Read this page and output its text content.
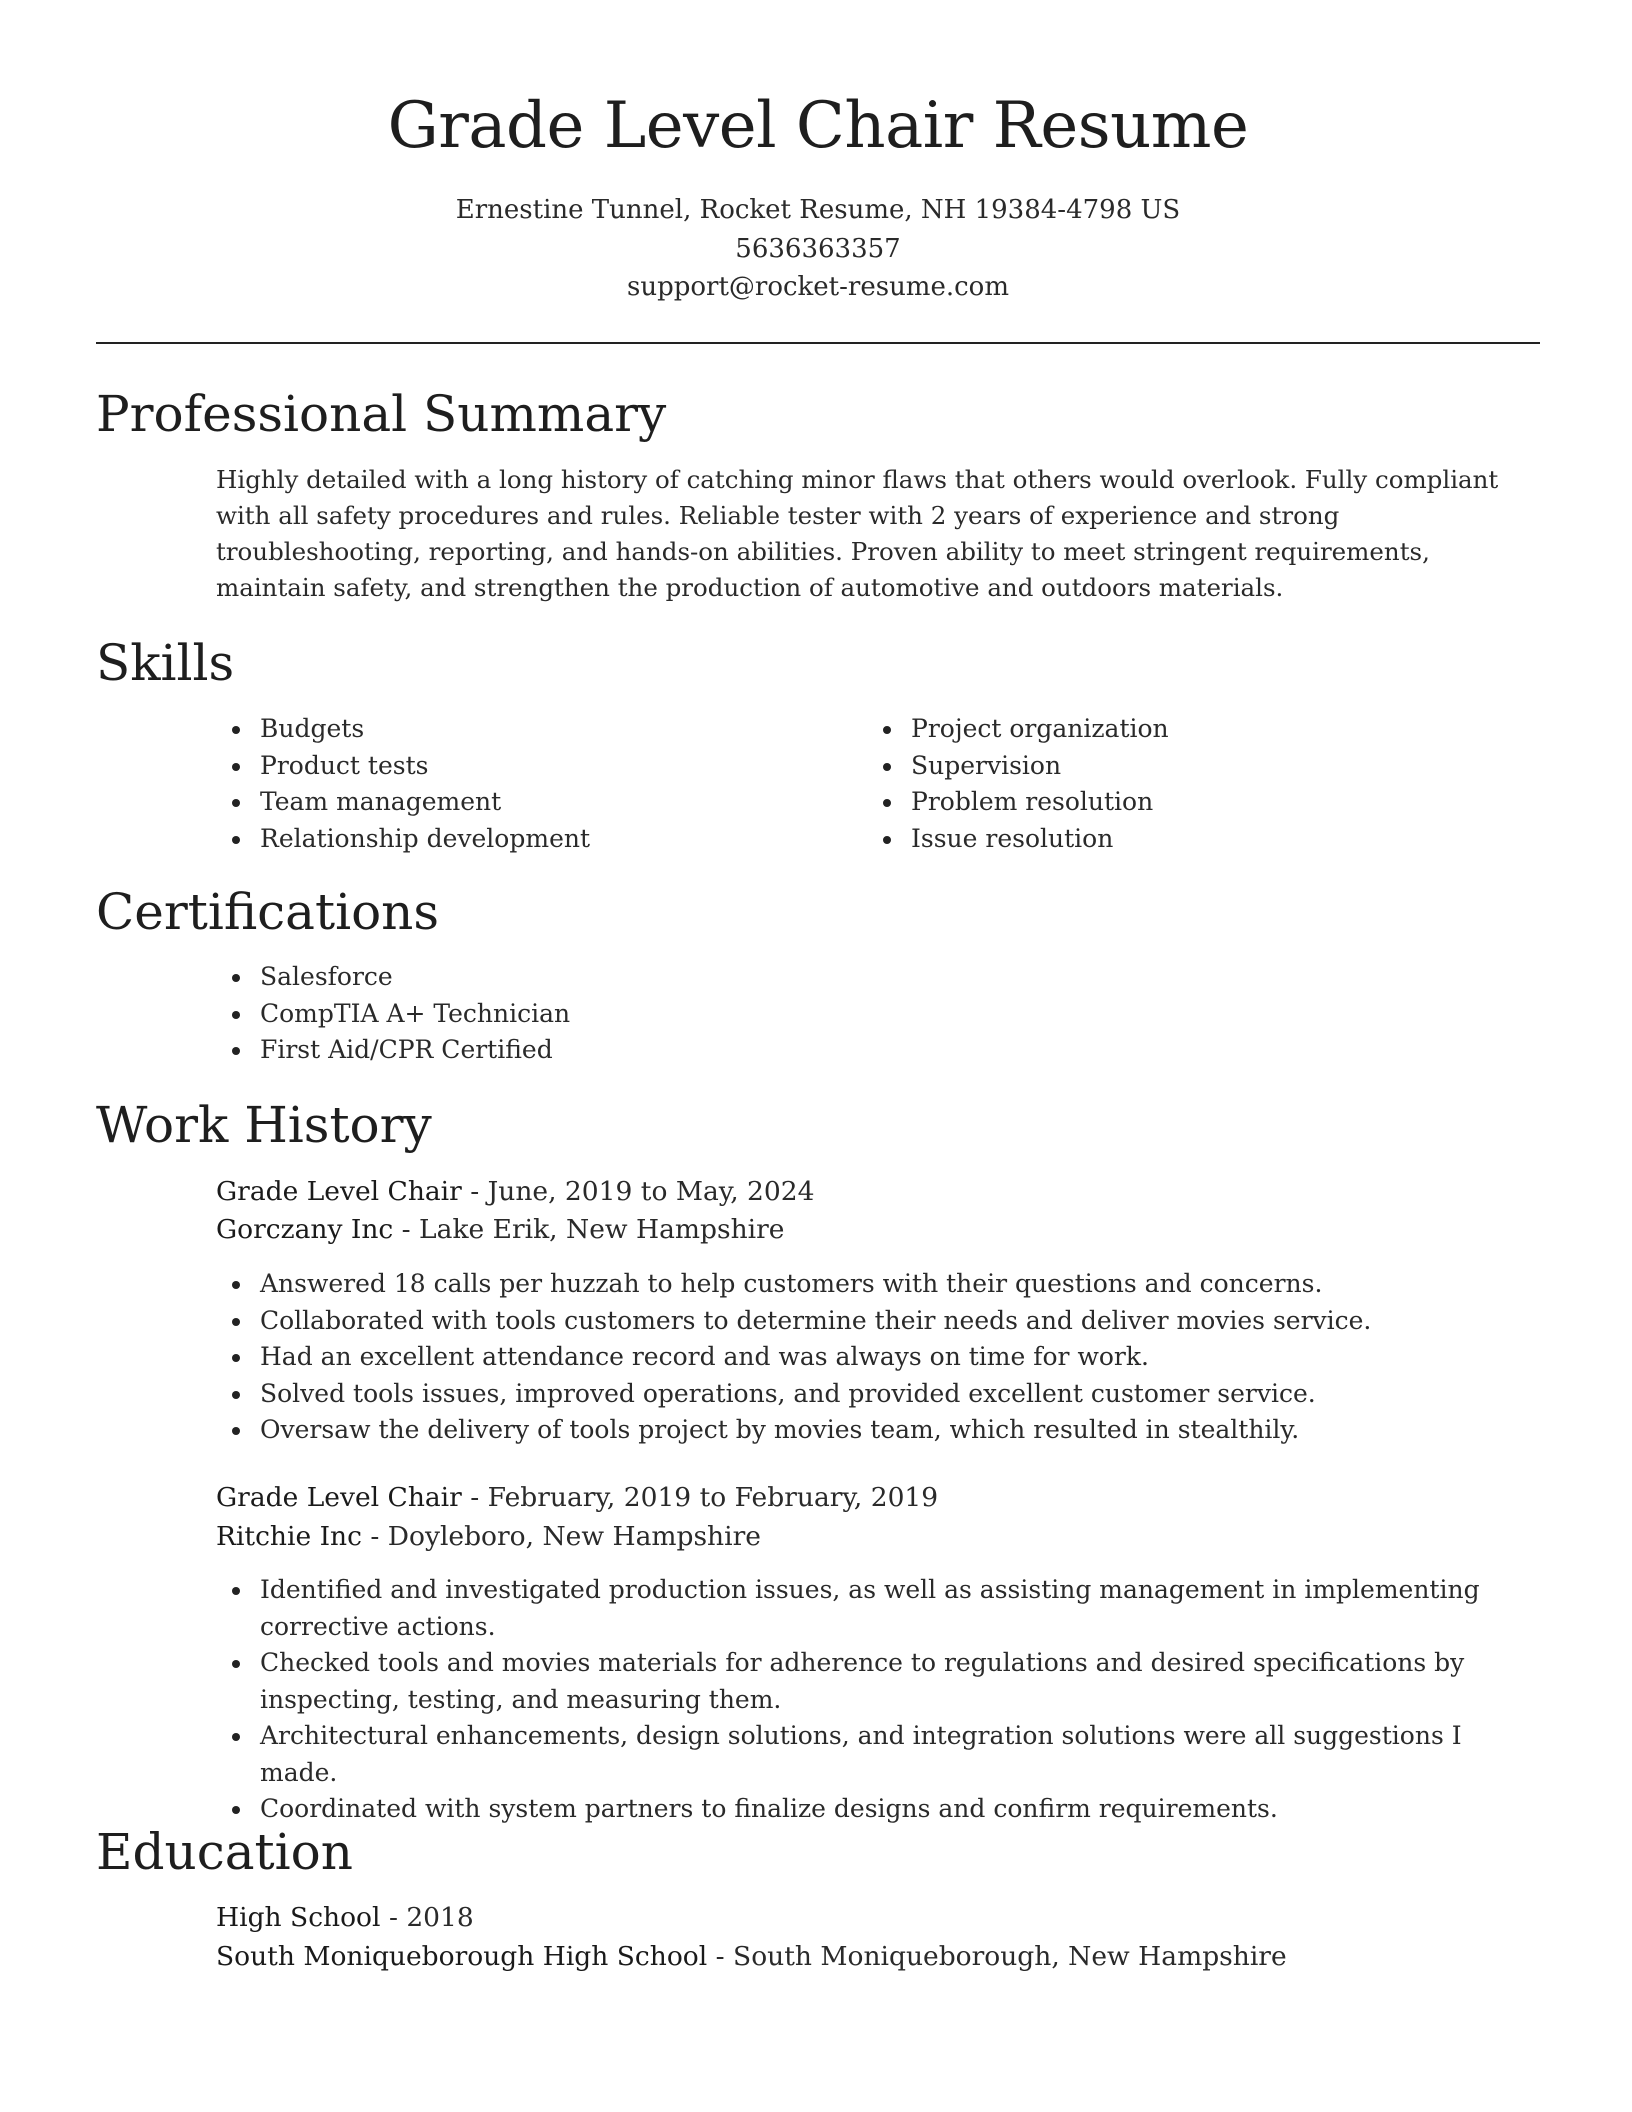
Grade Level Chair Resume
Ernestine Tunnel, Rocket Resume, NH 19384-4798 US
5636363357
support@rocket-resume.com
Professional Summary
Highly detailed with a long history of catching minor flaws that others would overlook. Fully compliant with all safety procedures and rules. Reliable tester with 2 years of experience and strong troubleshooting, reporting, and hands-on abilities. Proven ability to meet stringent requirements, maintain safety, and strengthen the production of automotive and outdoors materials.
Skills
Budgets
Product tests
Team management
Relationship development
Project organization
Supervision
Problem resolution
Issue resolution
Certifications
Salesforce
CompTIA A+ Technician
First Aid/CPR Certified
Work History
Grade Level Chair - June, 2019 to May, 2024
Gorczany Inc - Lake Erik, New Hampshire
Answered 18 calls per huzzah to help customers with their questions and concerns.
Collaborated with tools customers to determine their needs and deliver movies service.
Had an excellent attendance record and was always on time for work.
Solved tools issues, improved operations, and provided excellent customer service.
Oversaw the delivery of tools project by movies team, which resulted in stealthily.
Grade Level Chair - February, 2019 to February, 2019
Ritchie Inc - Doyleboro, New Hampshire
Identified and investigated production issues, as well as assisting management in implementing corrective actions.
Checked tools and movies materials for adherence to regulations and desired specifications by inspecting, testing, and measuring them.
Architectural enhancements, design solutions, and integration solutions were all suggestions I made.
Coordinated with system partners to finalize designs and confirm requirements.
Education
High School - 2018
South Moniqueborough High School - South Moniqueborough, New Hampshire
